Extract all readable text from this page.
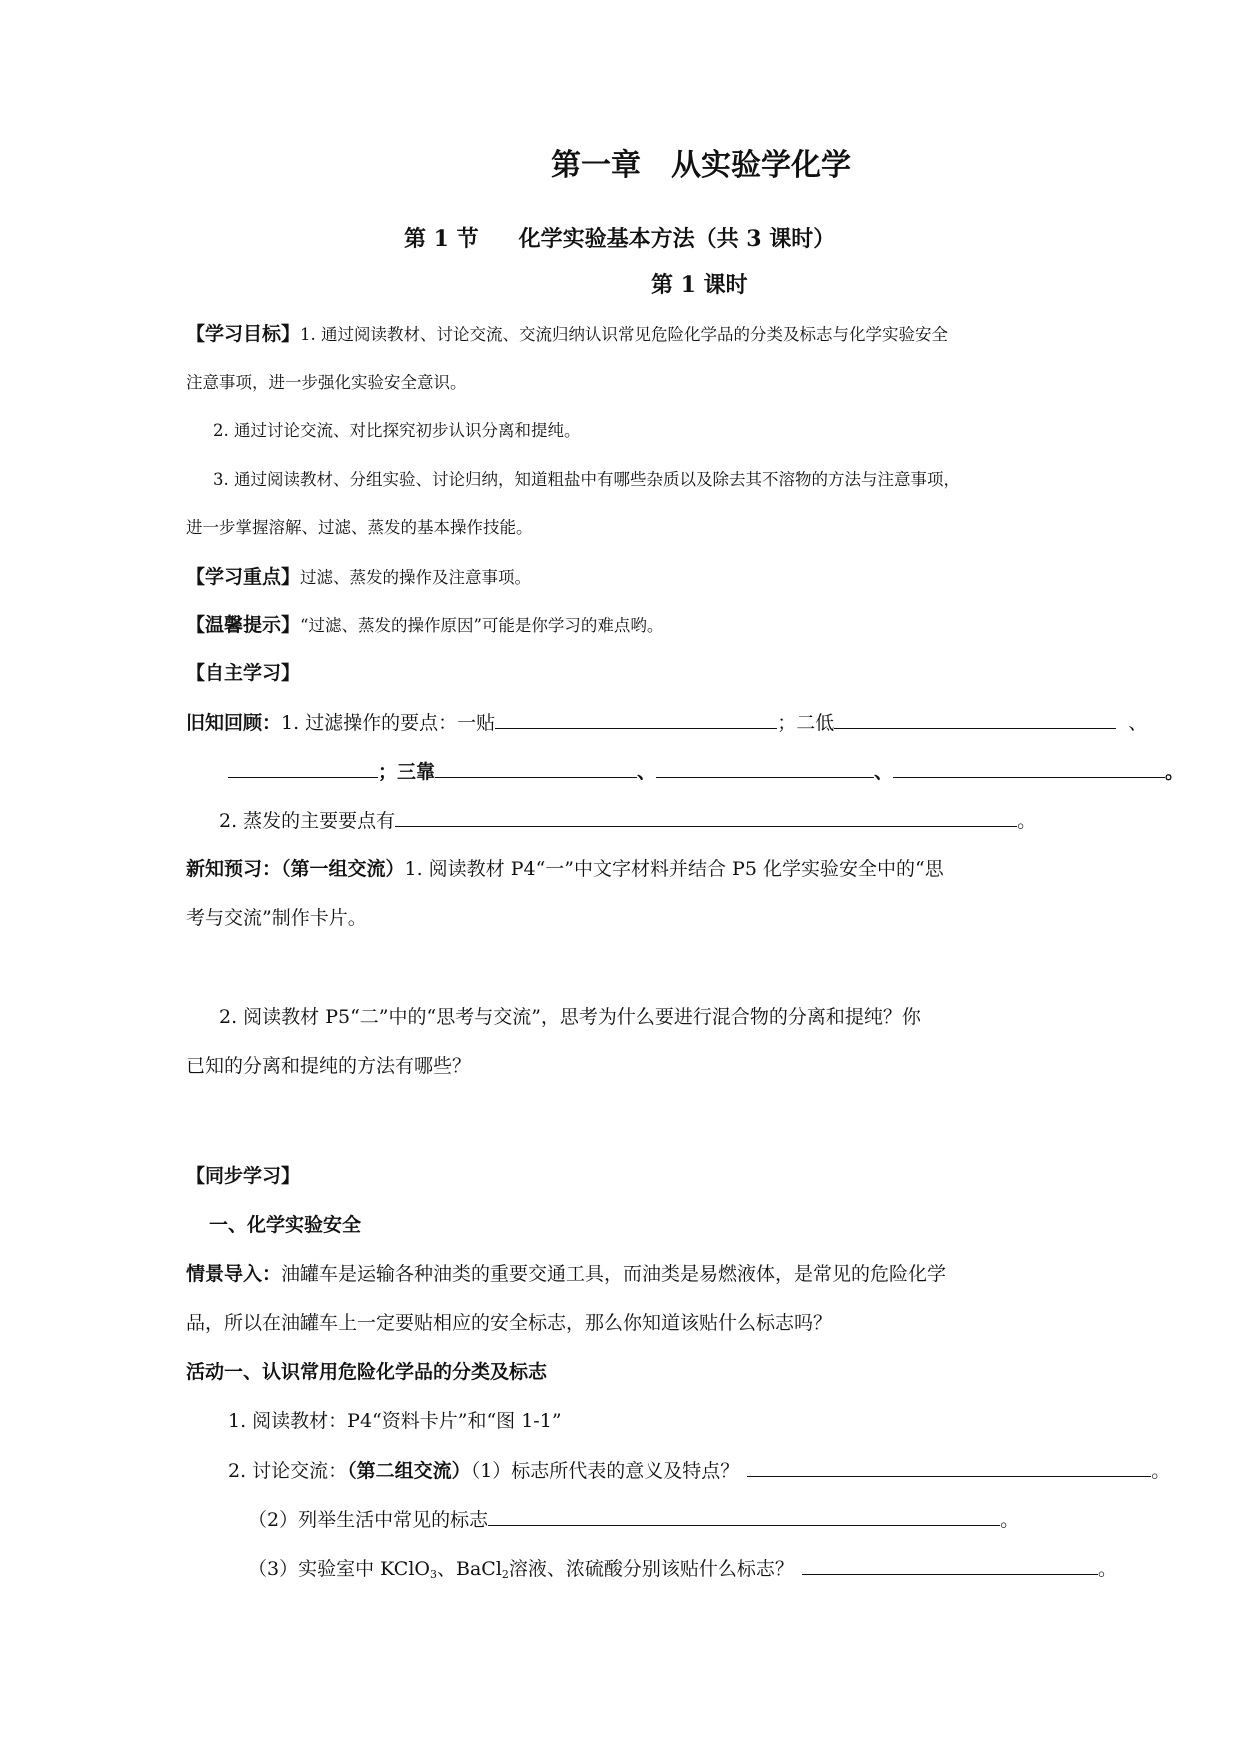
第一章 从实验学化学
第 1 节 化学实验基本方法（共 3 课时）
第 1 课时
【学习目标】1. 通过阅读教材、讨论交流、交流归纳认识常见危险化学品的分类及标志与化学实验安全
注意事项，进一步强化实验安全意识。
2. 通过讨论交流、对比探究初步认识分离和提纯。
3. 通过阅读教材、分组实验、讨论归纳，知道粗盐中有哪些杂质以及除去其不溶物的方法与注意事项，
进一步掌握溶解、过滤、蒸发的基本操作技能。
【学习重点】过滤、蒸发的操作及注意事项。
【温馨提示】“过滤、蒸发的操作原因”可能是你学习的难点哟。
【自主学习】
旧知回顾：1. 过滤操作的要点：一贴	；二低	、
；三靠	、	、	。
2. 蒸发的主要要点有	。
新知预习：（第一组交流）1. 阅读教材 P4“一”中文字材料并结合 P5 化学实验安全中的“思
考与交流”制作卡片。
2. 阅读教材 P5“二”中的“思考与交流”，思考为什么要进行混合物的分离和提纯？你
已知的分离和提纯的方法有哪些？
【同步学习】
一、化学实验安全
情景导入：油罐车是运输各种油类的重要交通工具，而油类是易燃液体，是常见的危险化学
品，所以在油罐车上一定要贴相应的安全标志，那么你知道该贴什么标志吗？
活动一、认识常用危险化学品的分类及标志
1. 阅读教材：P4“资料卡片”和“图 1-1”
2. 讨论交流：（第二组交流）（1）标志所代表的意义及特点？	。
（2）列举生活中常见的标志	。
（3）实验室中 KClO$_3$、BaCl$_2$溶液、浓硫酸分别该贴什么标志？	。
